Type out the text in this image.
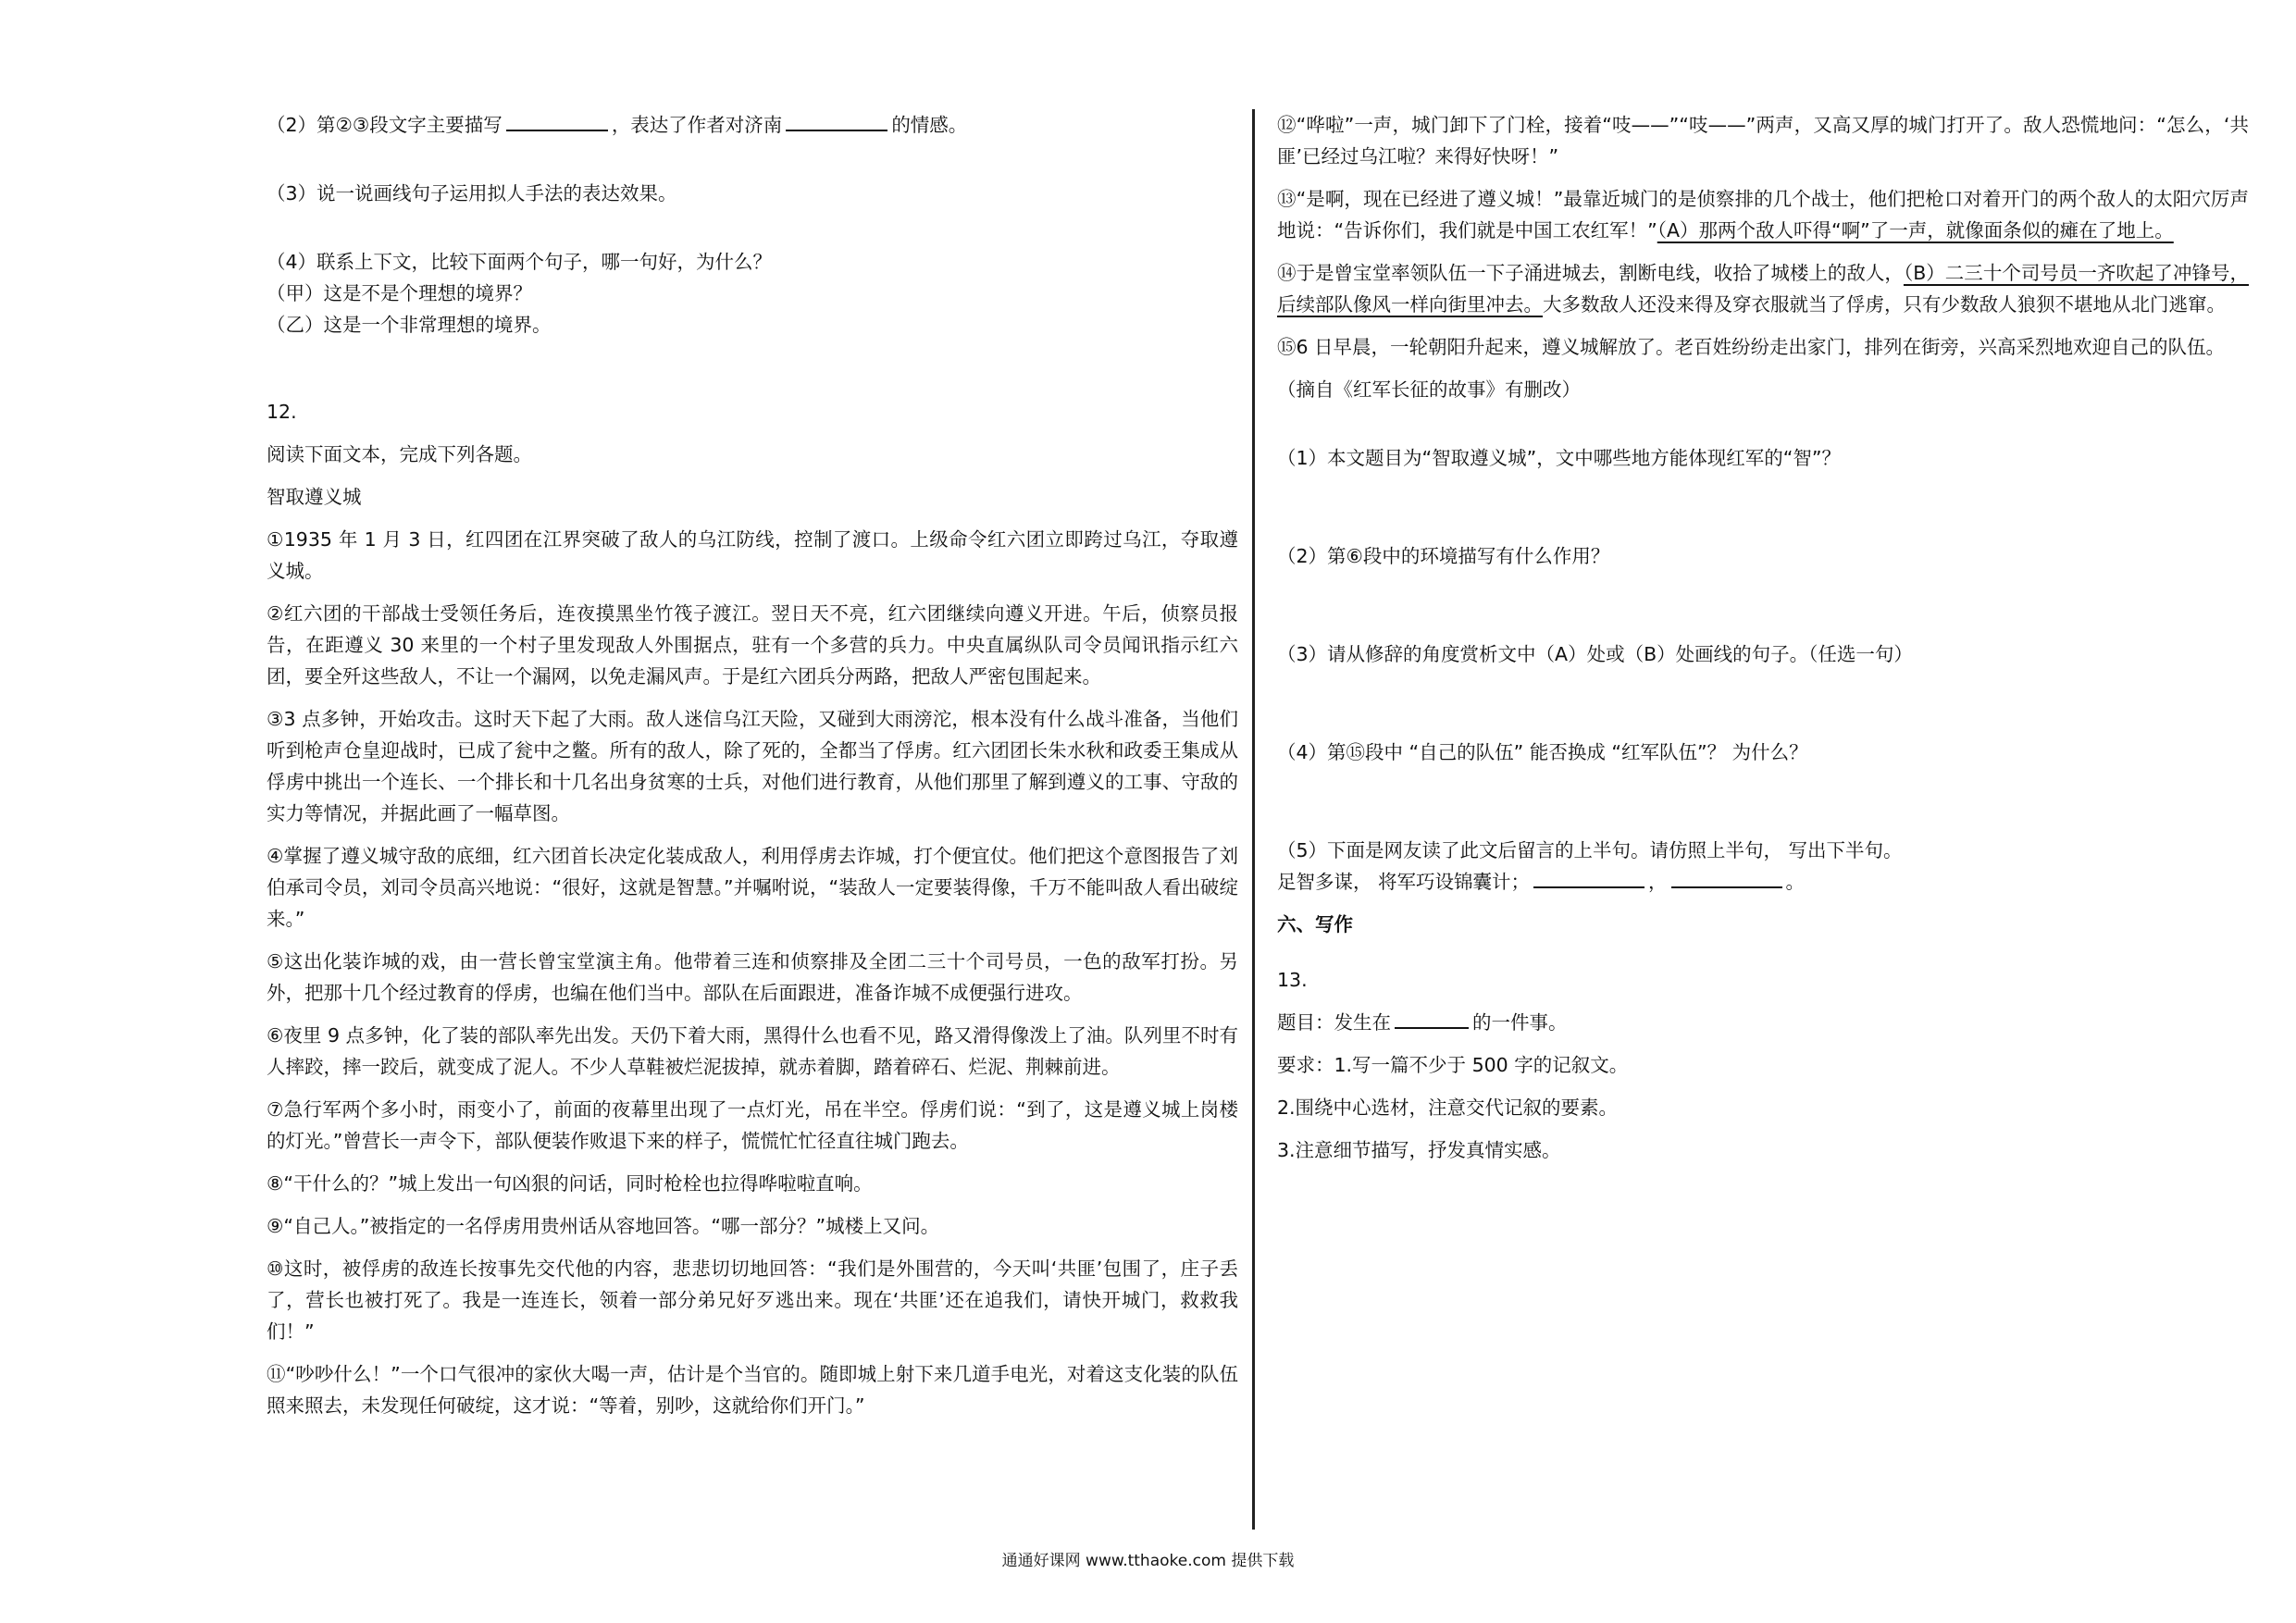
（2）第②③段文字主要描写	，表达了作者对济南	的情感。

（3）说一说画线句子运用拟人手法的表达效果。

（4）联系上下文，比较下面两个句子，哪一句好，为什么？

（甲）这是不是个理想的境界？

（乙）这是一个非常理想的境界。

12.

阅读下面文本，完成下列各题。

智取遵义城

①1935 年 1 月 3 日，红四团在江界突破了敌人的乌江防线，控制了渡口。上级命令红六团立即跨过乌江，夺取遵义城。

②红六团的干部战士受领任务后，连夜摸黑坐竹筏子渡江。翌日天不亮，红六团继续向遵义开进。午后，侦察员报告，在距遵义 30 来里的一个村子里发现敌人外围据点，驻有一个多营的兵力。中央直属纵队司令员闻讯指示红六团，要全歼这些敌人，不让一个漏网，以免走漏风声。于是红六团兵分两路，把敌人严密包围起来。

③3 点多钟，开始攻击。这时天下起了大雨。敌人迷信乌江天险，又碰到大雨滂沱，根本没有什么战斗准备，当他们听到枪声仓皇迎战时，已成了瓮中之鳖。所有的敌人，除了死的，全都当了俘虏。红六团团长朱水秋和政委王集成从俘虏中挑出一个连长、一个排长和十几名出身贫寒的士兵，对他们进行教育，从他们那里了解到遵义的工事、守敌的实力等情况，并据此画了一幅草图。

④掌握了遵义城守敌的底细，红六团首长决定化装成敌人，利用俘虏去诈城，打个便宜仗。他们把这个意图报告了刘伯承司令员，刘司令员高兴地说：“很好，这就是智慧。”并嘱咐说，“装敌人一定要装得像，千万不能叫敌人看出破绽来。”

⑤这出化装诈城的戏，由一营长曾宝堂演主角。他带着三连和侦察排及全团二三十个司号员，一色的敌军打扮。另外，把那十几个经过教育的俘虏，也编在他们当中。部队在后面跟进，准备诈城不成便强行进攻。

⑥夜里 9 点多钟，化了装的部队率先出发。天仍下着大雨，黑得什么也看不见，路又滑得像泼上了油。队列里不时有人摔跤，摔一跤后，就变成了泥人。不少人草鞋被烂泥拔掉，就赤着脚，踏着碎石、烂泥、荆棘前进。

⑦急行军两个多小时，雨变小了，前面的夜幕里出现了一点灯光，吊在半空。俘虏们说：“到了，这是遵义城上岗楼的灯光。”曾营长一声令下，部队便装作败退下来的样子，慌慌忙忙径直往城门跑去。

⑧“干什么的？”城上发出一句凶狠的问话，同时枪栓也拉得哗啦啦直响。

⑨“自己人。”被指定的一名俘虏用贵州话从容地回答。“哪一部分？”城楼上又问。

⑩这时，被俘虏的敌连长按事先交代他的内容，悲悲切切地回答：“我们是外围营的，今天叫‘共匪’包围了，庄子丢了，营长也被打死了。我是一连连长，领着一部分弟兄好歹逃出来。现在‘共匪’还在追我们，请快开城门，救救我们！”

⑪“吵吵什么！”一个口气很冲的家伙大喝一声，估计是个当官的。随即城上射下来几道手电光，对着这支化装的队伍照来照去，未发现任何破绽，这才说：“等着，别吵，这就给你们开门。”

⑫“哗啦”一声，城门卸下了门栓，接着“吱——”“吱——”两声，又高又厚的城门打开了。敌人恐慌地问：“怎么，‘共匪’已经过乌江啦？来得好快呀！”

⑬“是啊，现在已经进了遵义城！”最靠近城门的是侦察排的几个战士，他们把枪口对着开门的两个敌人的太阳穴厉声地说：“告诉你们，我们就是中国工农红军！”（A）那两个敌人吓得“啊”了一声，就像面条似的瘫在了地上。

⑭于是曾宝堂率领队伍一下子涌进城去，割断电线，收拾了城楼上的敌人，（B）二三十个司号员一齐吹起了冲锋号，后续部队像风一样向街里冲去。大多数敌人还没来得及穿衣服就当了俘虏，只有少数敌人狼狈不堪地从北门逃窜。

⑮6 日早晨，一轮朝阳升起来，遵义城解放了。老百姓纷纷走出家门，排列在街旁，兴高采烈地欢迎自己的队伍。

（摘自《红军长征的故事》有删改）

（1）本文题目为“智取遵义城”，文中哪些地方能体现红军的“智”？

（2）第⑥段中的环境描写有什么作用？

（3）请从修辞的角度赏析文中（A）处或（B）处画线的句子。（任选一句）

（4）第⑮段中 “自己的队伍” 能否换成 “红军队伍”？ 为什么？

（5）下面是网友读了此文后留言的上半句。请仿照上半句， 写出下半句。

足智多谋， 将军巧设锦囊计；	，	。

六、写作

13.

题目：发生在	的一件事。

要求：1.写一篇不少于 500 字的记叙文。

2.围绕中心选材，注意交代记叙的要素。

3.注意细节描写，抒发真情实感。

通通好课网 www.tthaoke.com 提供下载
